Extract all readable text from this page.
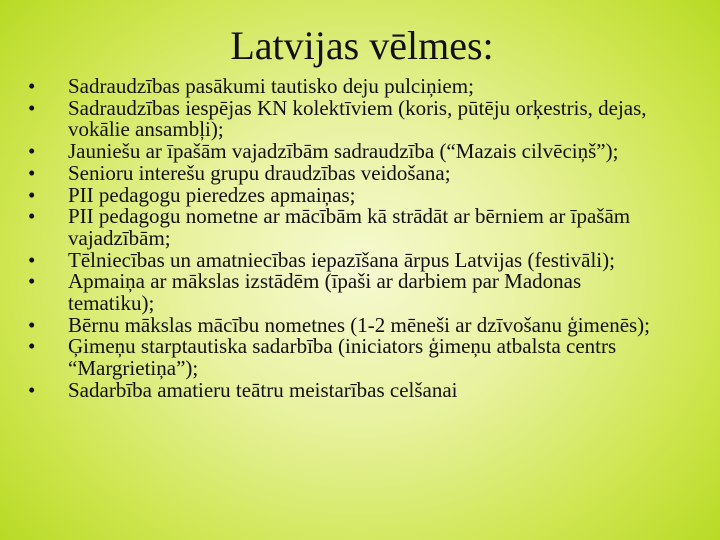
Latvijas vēlmes:
• Sadraudzības pasākumi tautisko deju pulciņiem;
• Sadraudzības iespējas KN kolektīviem (koris, pūtēju orķestris, dejas, vokālie ansambļi);
• Jauniešu ar īpašām vajadzībām sadraudzība (“Mazais cilvēciņš”);
• Senioru interešu grupu draudzības veidošana;
• PII pedagogu pieredzes apmaiņas;
• PII pedagogu nometne ar mācībām kā strādāt ar bērniem ar īpašām vajadzībām;
• Tēlniecības un amatniecības iepazīšana ārpus Latvijas (festivāli);
• Apmaiņa ar mākslas izstādēm (īpaši ar darbiem par Madonas tematiku);
• Bērnu mākslas mācību nometnes (1-2 mēneši ar dzīvošanu ģimenēs);
• Ģimeņu starptautiska sadarbība (iniciators ģimeņu atbalsta centrs “Margrietiņa”);
• Sadarbība amatieru teātru meistarības celšanai
